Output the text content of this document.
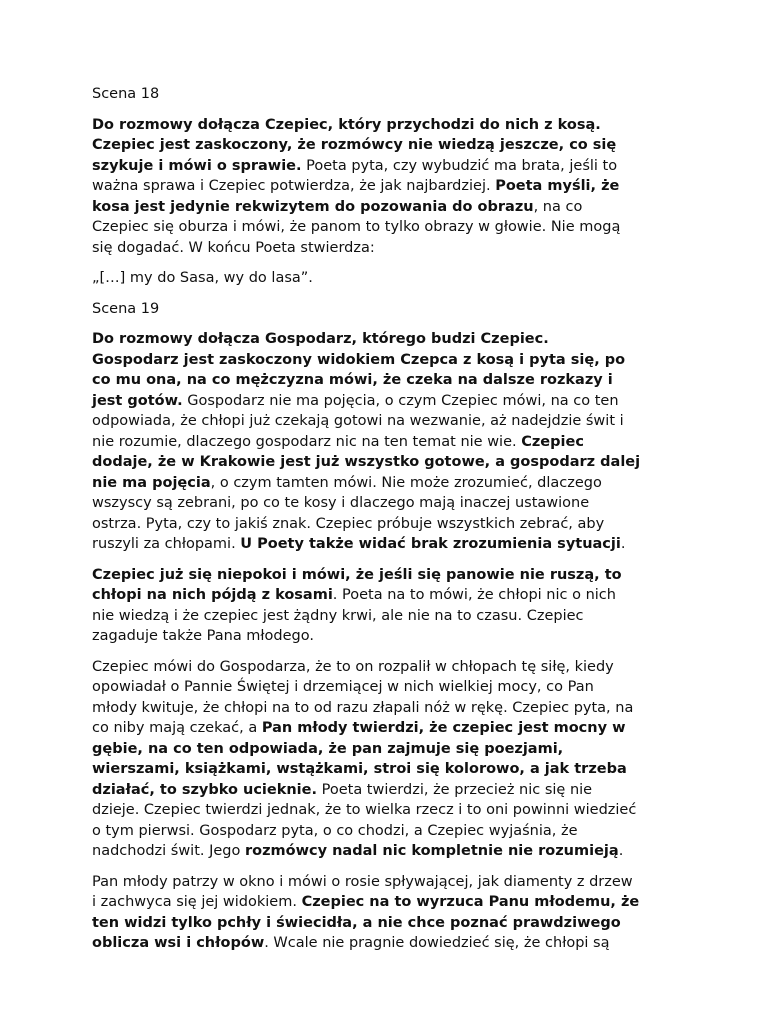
Scena 18
Do rozmowy dołącza Czepiec, który przychodzi do nich z kosą.
Czepiec jest zaskoczony, że rozmówcy nie wiedzą jeszcze, co się
szykuje i mówi o sprawie. Poeta pyta, czy wybudzić ma brata, jeśli to
ważna sprawa i Czepiec potwierdza, że jak najbardziej. Poeta myśli, że
kosa jest jedynie rekwizytem do pozowania do obrazu, na co
Czepiec się oburza i mówi, że panom to tylko obrazy w głowie. Nie mogą
się dogadać. W końcu Poeta stwierdza:
„[…] my do Sasa, wy do lasa”.
Scena 19
Do rozmowy dołącza Gospodarz, którego budzi Czepiec.
Gospodarz jest zaskoczony widokiem Czepca z kosą i pyta się, po
co mu ona, na co mężczyzna mówi, że czeka na dalsze rozkazy i
jest gotów. Gospodarz nie ma pojęcia, o czym Czepiec mówi, na co ten
odpowiada, że chłopi już czekają gotowi na wezwanie, aż nadejdzie świt i
nie rozumie, dlaczego gospodarz nic na ten temat nie wie. Czepiec
dodaje, że w Krakowie jest już wszystko gotowe, a gospodarz dalej
nie ma pojęcia, o czym tamten mówi. Nie może zrozumieć, dlaczego
wszyscy są zebrani, po co te kosy i dlaczego mają inaczej ustawione
ostrza. Pyta, czy to jakiś znak. Czepiec próbuje wszystkich zebrać, aby
ruszyli za chłopami. U Poety także widać brak zrozumienia sytuacji.
Czepiec już się niepokoi i mówi, że jeśli się panowie nie ruszą, to
chłopi na nich pójdą z kosami. Poeta na to mówi, że chłopi nic o nich
nie wiedzą i że czepiec jest żądny krwi, ale nie na to czasu. Czepiec
zagaduje także Pana młodego.
Czepiec mówi do Gospodarza, że to on rozpalił w chłopach tę siłę, kiedy
opowiadał o Pannie Świętej i drzemiącej w nich wielkiej mocy, co Pan
młody kwituje, że chłopi na to od razu złapali nóż w rękę. Czepiec pyta, na
co niby mają czekać, a Pan młody twierdzi, że czepiec jest mocny w
gębie, na co ten odpowiada, że pan zajmuje się poezjami,
wierszami, książkami, wstążkami, stroi się kolorowo, a jak trzeba
działać, to szybko ucieknie. Poeta twierdzi, że przecież nic się nie
dzieje. Czepiec twierdzi jednak, że to wielka rzecz i to oni powinni wiedzieć
o tym pierwsi. Gospodarz pyta, o co chodzi, a Czepiec wyjaśnia, że
nadchodzi świt. Jego rozmówcy nadal nic kompletnie nie rozumieją.
Pan młody patrzy w okno i mówi o rosie spływającej, jak diamenty z drzew
i zachwyca się jej widokiem. Czepiec na to wyrzuca Panu młodemu, że
ten widzi tylko pchły i świecidła, a nie chce poznać prawdziwego
oblicza wsi i chłopów. Wcale nie pragnie dowiedzieć się, że chłopi są
